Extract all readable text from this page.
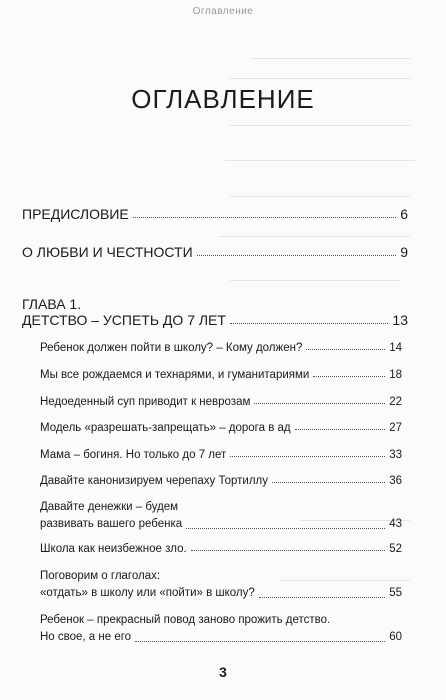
Оглавление
ОГЛАВЛЕНИЕ
ПРЕДИСЛОВИЕ	6
О ЛЮБВИ И ЧЕСТНОСТИ	9
ГЛАВА 1.
ДЕТСТВО – УСПЕТЬ ДО 7 ЛЕТ	13
Ребенок должен пойти в школу? – Кому должен?	14
Мы все рождаемся и технарями, и гуманитариями	18
Недоеденный суп приводит к неврозам	22
Модель «разрешать-запрещать» – дорога в ад	27
Мама – богиня. Но только до 7 лет	33
Давайте канонизируем черепаху Тортиллу	36
Давайте денежки – будем
развивать вашего ребенка	43
Школа как неизбежное зло.	52
Поговорим о глаголах:
«отдать» в школу или «пойти» в школу?	55
Ребенок – прекрасный повод заново прожить детство.
Но свое, а не его	60
3
